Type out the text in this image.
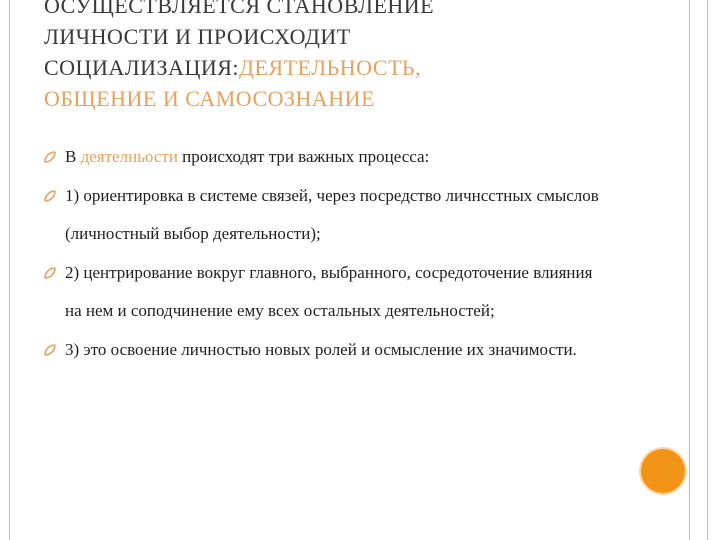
ОСУЩЕСТВЛЯЕТСЯ СТАНОВЛЕНИЕ
ЛИЧНОСТИ И ПРОИСХОДИТ
СОЦИАЛИЗАЦИЯ:ДЕЯТЕЛЬНОСТЬ,
ОБЩЕНИЕ И САМОСОЗНАНИЕ
В деятелньости происходят три важных процесса:
1) ориентировка в системе связей, через посредство личнсстных смыслов (личностный выбор деятельности);
2) центрирование вокруг главного, выбранного, сосредоточение влияния на нем и соподчинение ему всех остальных деятельностей;
3) это освоение личностью новых ролей и осмысление их значимости.
